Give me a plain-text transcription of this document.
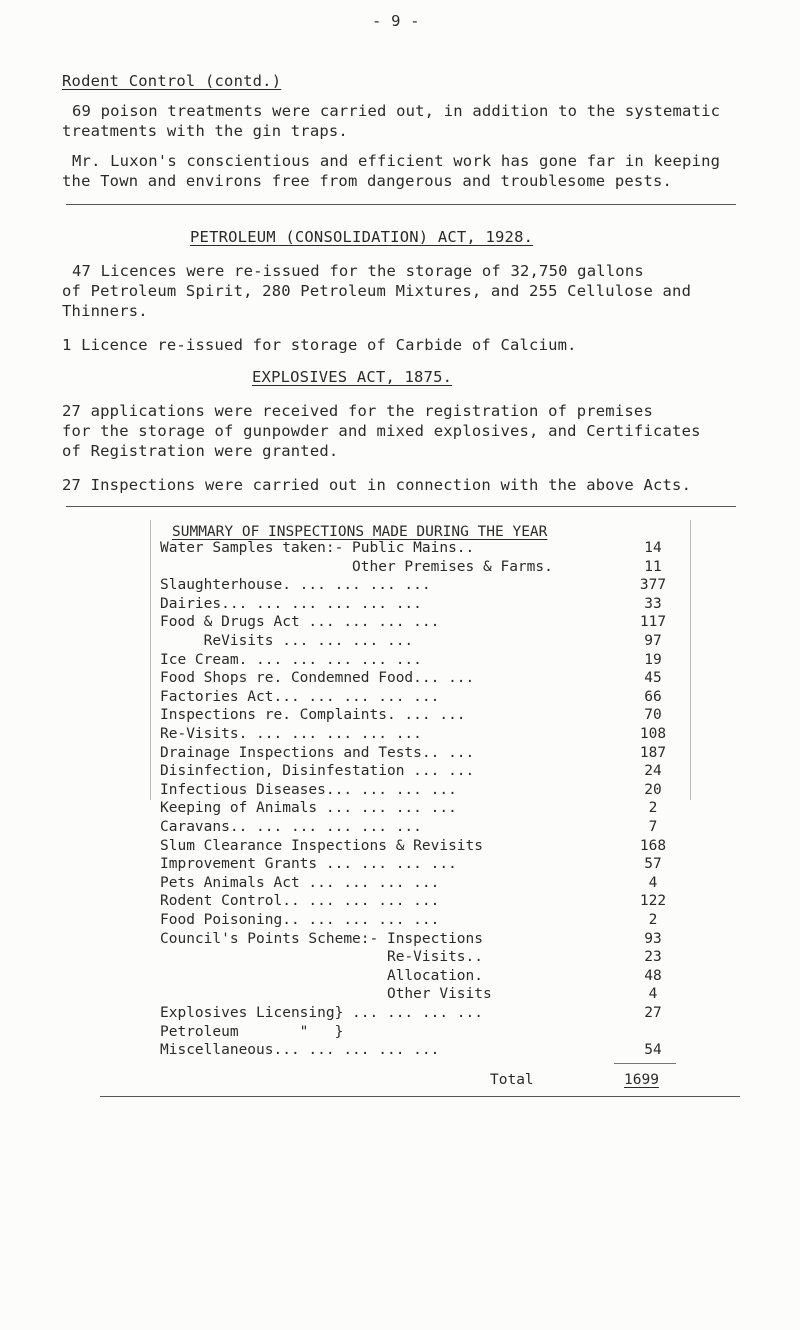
- 9 -
Rodent Control (contd.)
69 poison treatments were carried out, in addition to the systematic
treatments with the gin traps.
Mr. Luxon's conscientious and efficient work has gone far in keeping
the Town and environs free from dangerous and troublesome pests.
PETROLEUM (CONSOLIDATION) ACT, 1928.
47 Licences were re-issued for the storage of 32,750 gallons
of Petroleum Spirit, 280 Petroleum Mixtures, and 255 Cellulose and
Thinners.
1 Licence re-issued for storage of Carbide of Calcium.
EXPLOSIVES ACT, 1875.
27 applications were received for the registration of premises
for the storage of gunpowder and mixed explosives, and Certificates
of Registration were granted.
27 Inspections were carried out in connection with the above Acts.
SUMMARY OF INSPECTIONS MADE DURING THE YEAR
Water Samples taken:- Public Mains..	14
Other Premises & Farms.	11
Slaughterhouse. ... ... ... ...	377
Dairies... ... ... ... ... ...	33
Food & Drugs Act ... ... ... ...	117
ReVisits ... ... ... ...	97
Ice Cream. ... ... ... ... ...	19
Food Shops re. Condemned Food... ...	45
Factories Act... ... ... ... ...	66
Inspections re. Complaints. ... ...	70
Re-Visits. ... ... ... ... ...	108
Drainage Inspections and Tests.. ...	187
Disinfection, Disinfestation ... ...	24
Infectious Diseases... ... ... ...	20
Keeping of Animals ... ... ... ...	2
Caravans.. ... ... ... ... ...	7
Slum Clearance Inspections & Revisits	168
Improvement Grants ... ... ... ...	57
Pets Animals Act ... ... ... ...	4
Rodent Control.. ... ... ... ...	122
Food Poisoning.. ... ... ... ...	2
Council's Points Scheme:- Inspections	93
Re-Visits..	23
Allocation.	48
Other Visits	4
Explosives Licensing} ... ... ... ...	27
Petroleum       "   }
Miscellaneous... ... ... ... ...	54
Total	1699
